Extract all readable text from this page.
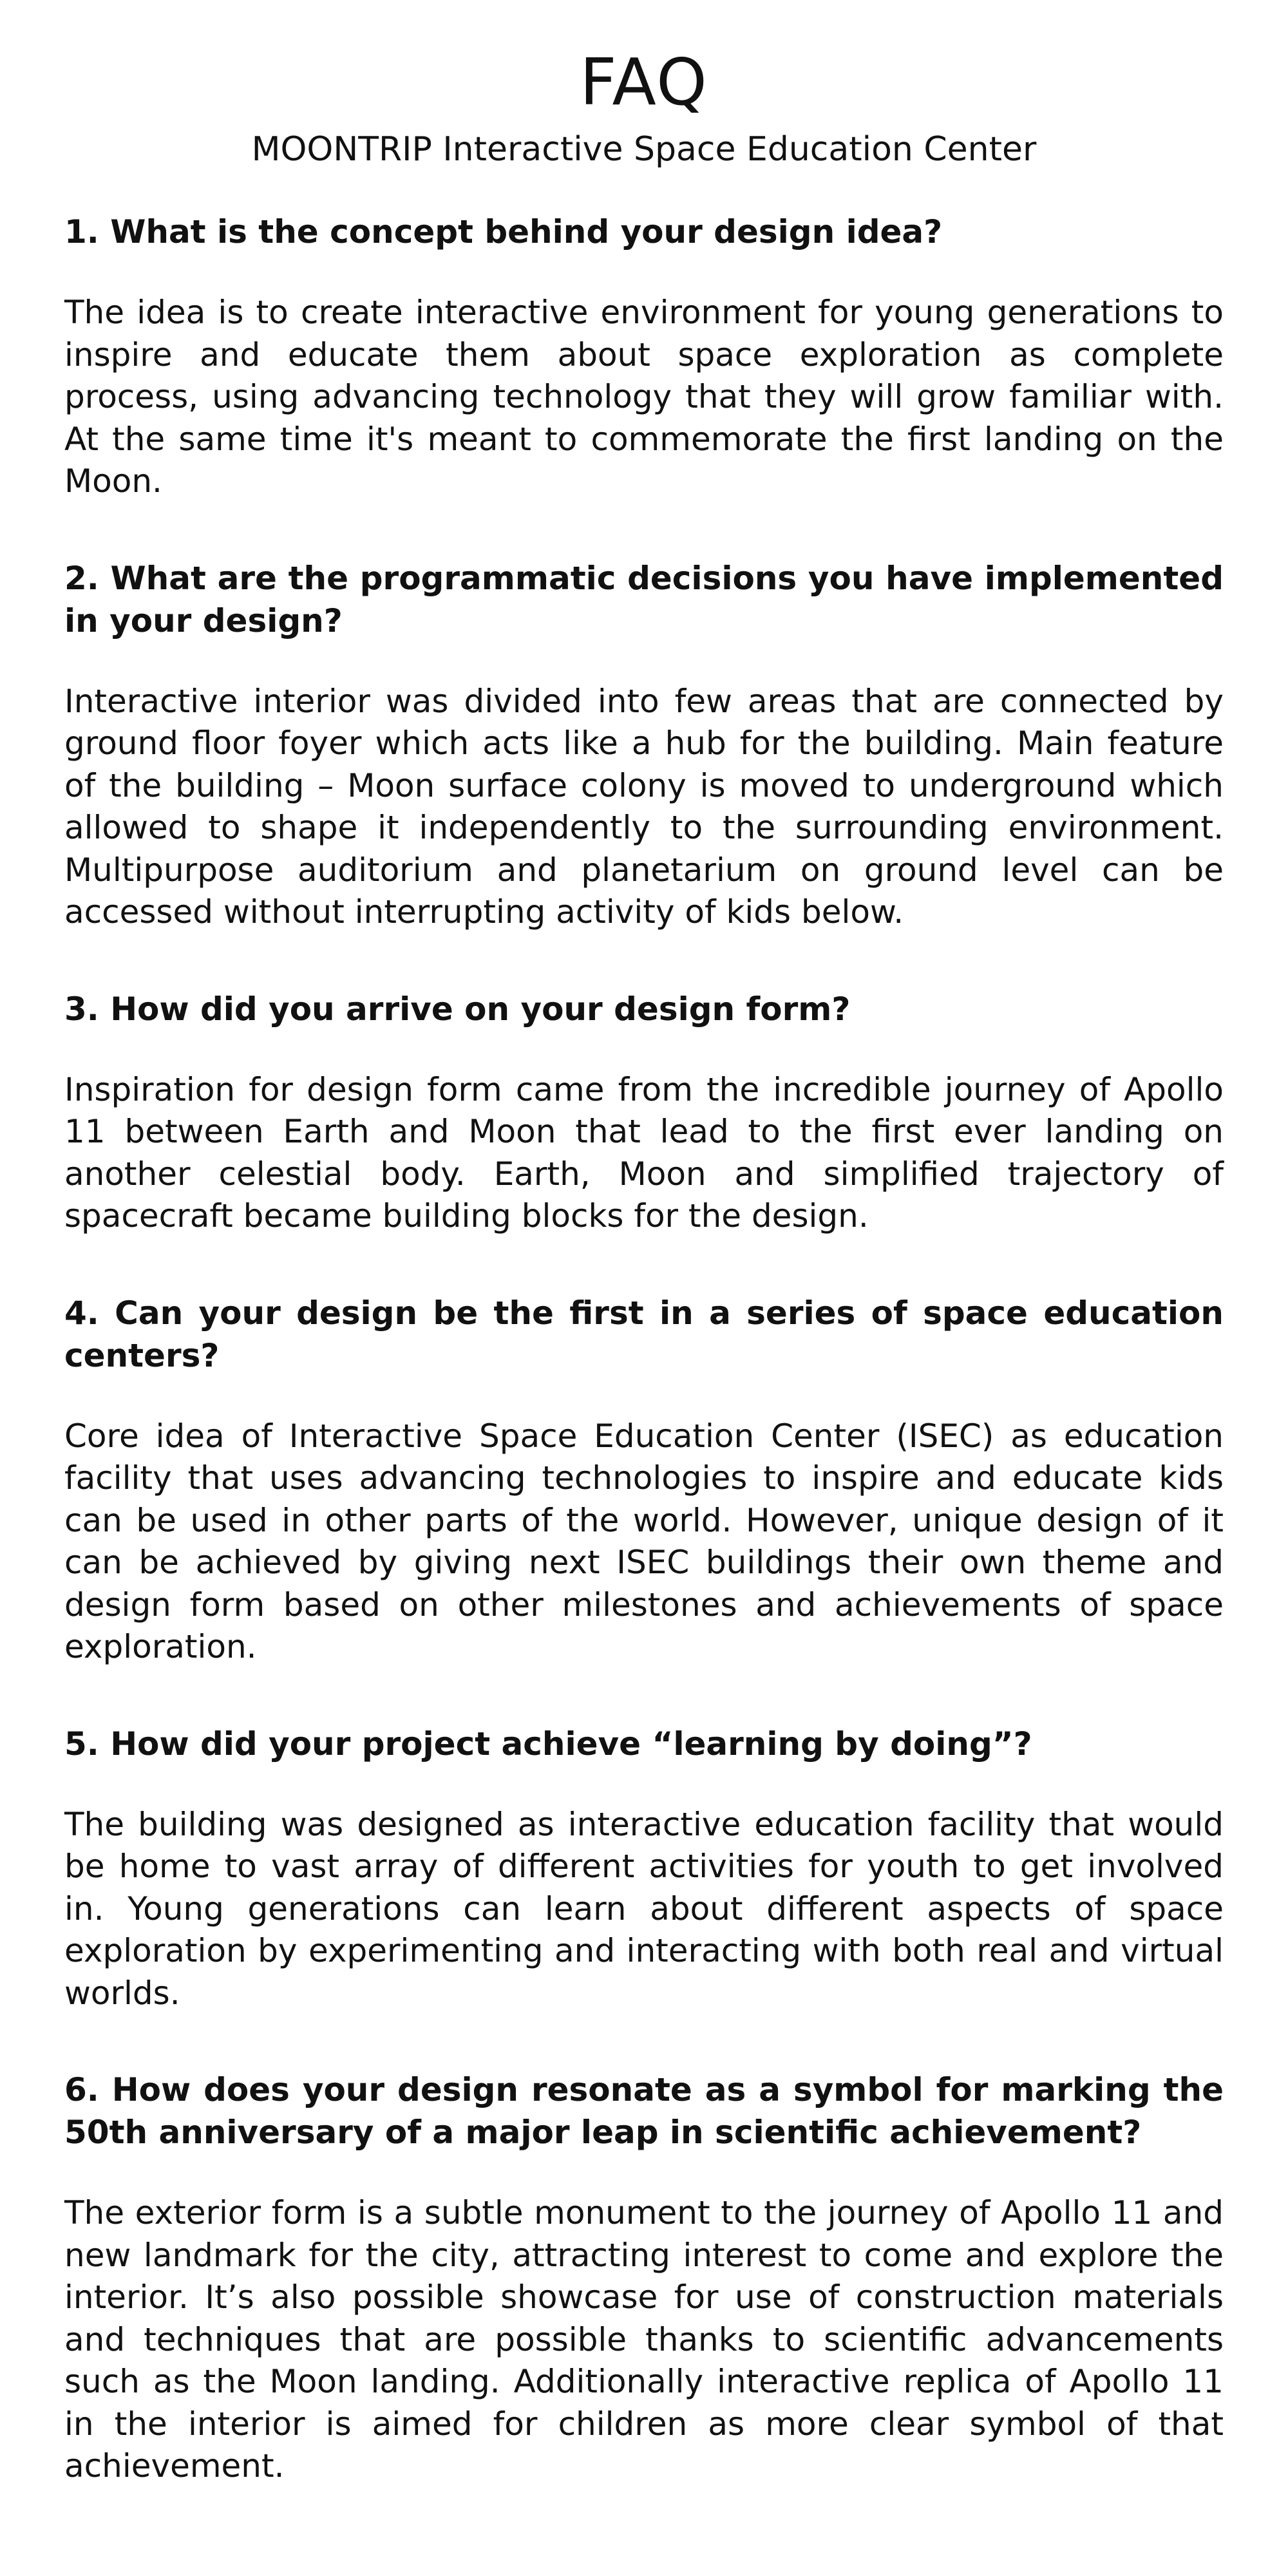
FAQ
MOONTRIP Interactive Space Education Center
1. What is the concept behind your design idea?

The idea is to create interactive environment for young generations to inspire and educate them about space exploration as complete process, using advancing technology that they will grow familiar with. At the same time it's meant to commemorate the first landing on the Moon.

2. What are the programmatic decisions you have implemented in your design?

Interactive interior was divided into few areas that are connected by ground floor foyer which acts like a hub for the building. Main feature of the building – Moon surface colony is moved to underground which allowed to shape it independently to the surrounding environment. Multipurpose auditorium and planetarium on ground level can be accessed without interrupting activity of kids below.

3. How did you arrive on your design form?

Inspiration for design form came from the incredible journey of Apollo 11 between Earth and Moon that lead to the first ever landing on another celestial body. Earth, Moon and simplified trajectory of spacecraft became building blocks for the design.

4. Can your design be the first in a series of space education centers?

Core idea of Interactive Space Education Center (ISEC) as education facility that uses advancing technologies to inspire and educate kids can be used in other parts of the world. However, unique design of it can be achieved by giving next ISEC buildings their own theme and design form based on other milestones and achievements of space exploration.

5. How did your project achieve “learning by doing”?

The building was designed as interactive education facility that would be home to vast array of different activities for youth to get involved in. Young generations can learn about different aspects of space exploration by experimenting and interacting with both real and virtual worlds.

6. How does your design resonate as a symbol for marking the 50th anniversary of a major leap in scientific achievement?

The exterior form is a subtle monument to the journey of Apollo 11 and new landmark for the city, attracting interest to come and explore the interior. It’s also possible showcase for use of construction materials and techniques that are possible thanks to scientific advancements such as the Moon landing. Additionally interactive replica of Apollo 11 in the interior is aimed for children as more clear symbol of that achievement.
